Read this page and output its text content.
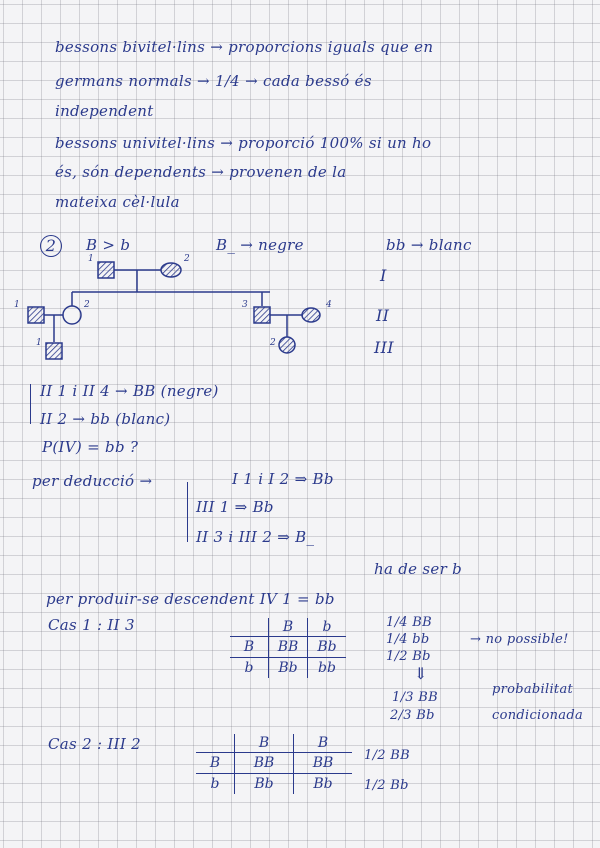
bessons bivitel·lins → proporcions iguals que en
germans normals → 1/4 → cada bessó és
independent
bessons univitel·lins → proporció 100% si un ho
és, són dependents → provenen de la
mateixa cèl·lula
2	B > b	B_ → negre	bb → blanc
I
II
III
1	2
1	2	3	4
1	2
II 1 i II 4 → BB (negre)
II 2 → bb (blanc)
P(IV) = bb ?
per deducció →	I 1 i I 2 ⇒ Bb
III 1 ⇒ Bb
II 3 i III 2 ⇒ B_
ha de ser b
per produir-se descendent IV 1 = bb
Cas 1 : II 3
		B	b
B	BB	Bb
b	Bb	bb
1/4 BB
1/4 bb
1/2 Bb
→ no possible!
⇓
1/3 BB
2/3 Bb
probabilitat
condicionada
Cas 2 : III 2
		B	B
B	BB	BB
b	Bb	Bb
1/2 BB
1/2 Bb
